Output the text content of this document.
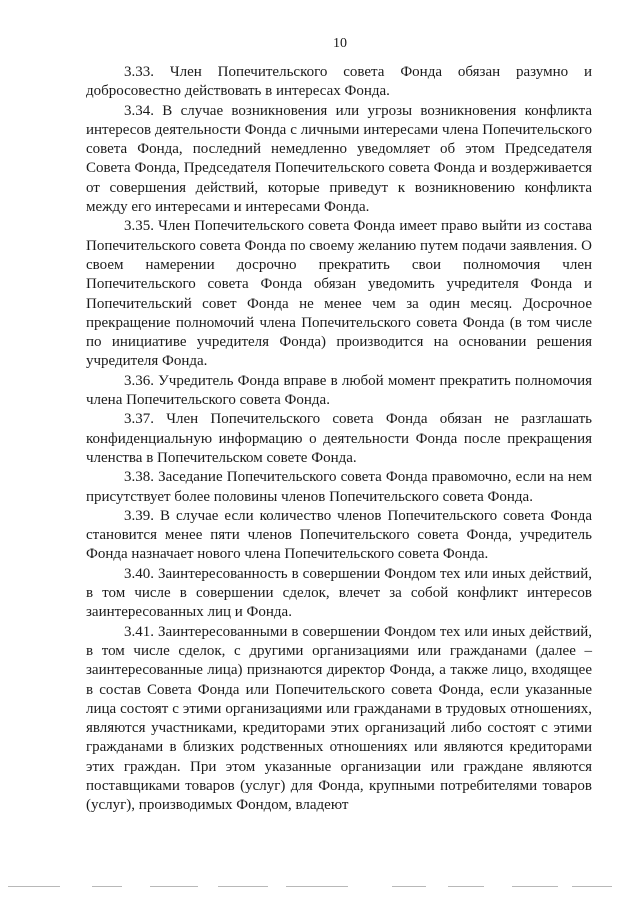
10

3.33. Член Попечительского совета Фонда обязан разумно и добросовестно действовать в интересах Фонда.

3.34. В случае возникновения или угрозы возникновения конфликта интересов деятельности Фонда с личными интересами члена Попечительского совета Фонда, последний немедленно уведомляет об этом Председателя Совета Фонда, Председателя Попечительского совета Фонда и воздерживается от совершения действий, которые приведут к возникновению конфликта между его интересами и интересами Фонда.

3.35. Член Попечительского совета Фонда имеет право выйти из состава Попечительского совета Фонда по своему желанию путем подачи заявления. О своем намерении досрочно прекратить свои полномочия член Попечительского совета Фонда обязан уведомить учредителя Фонда и Попечительский совет Фонда не менее чем за один месяц. Досрочное прекращение полномочий члена Попечительского совета Фонда (в том числе по инициативе учредителя Фонда) производится на основании решения учредителя Фонда.

3.36. Учредитель Фонда вправе в любой момент прекратить полномочия члена Попечительского совета Фонда.

3.37. Член Попечительского совета Фонда обязан не разглашать конфиденциальную информацию о деятельности Фонда после прекращения членства в Попечительском совете Фонда.

3.38. Заседание Попечительского совета Фонда правомочно, если на нем присутствует более половины членов Попечительского совета Фонда.

3.39. В случае если количество членов Попечительского совета Фонда становится менее пяти членов Попечительского совета Фонда, учредитель Фонда назначает нового члена Попечительского совета Фонда.

3.40. Заинтересованность в совершении Фондом тех или иных действий, в том числе в совершении сделок, влечет за собой конфликт интересов заинтересованных лиц и Фонда.

3.41. Заинтересованными в совершении Фондом тех или иных действий, в том числе сделок, с другими организациями или гражданами (далее – заинтересованные лица) признаются директор Фонда, а также лицо, входящее в состав Совета Фонда или Попечительского совета Фонда, если указанные лица состоят с этими организациями или гражданами в трудовых отношениях, являются участниками, кредиторами этих организаций либо состоят с этими гражданами в близких родственных отношениях или являются кредиторами этих граждан. При этом указанные организации или граждане являются поставщиками товаров (услуг) для Фонда, крупными потребителями товаров (услуг), производимых Фондом, владеют
